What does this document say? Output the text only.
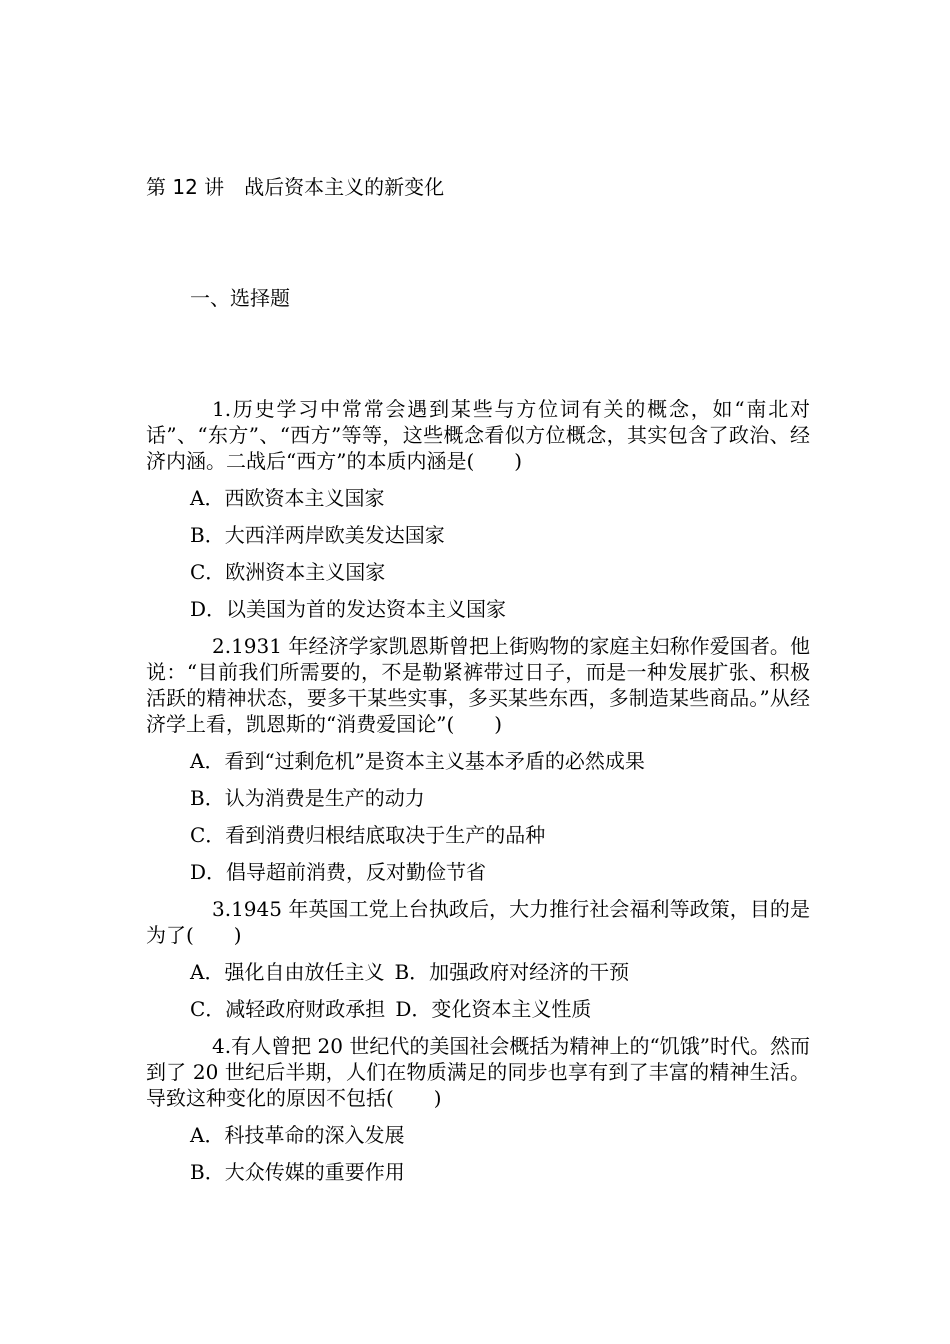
第 12 讲　战后资本主义的新变化
一、选择题

1.历史学习中常常会遇到某些与方位词有关的概念，如“南北对话”、“东方”、“西方”等等，这些概念看似方位概念，其实包含了政治、经济内涵。二战后“西方”的本质内涵是(　　)

A．西欧资本主义国家

B．大西洋两岸欧美发达国家

C．欧洲资本主义国家

D．以美国为首的发达资本主义国家

2.1931 年经济学家凯恩斯曾把上街购物的家庭主妇称作爱国者。他说：“目前我们所需要的，不是勒紧裤带过日子，而是一种发展扩张、积极活跃的精神状态，要多干某些实事，多买某些东西，多制造某些商品。”从经济学上看，凯恩斯的“消费爱国论”(　　)

A．看到“过剩危机”是资本主义基本矛盾的必然成果

B．认为消费是生产的动力

C．看到消费归根结底取决于生产的品种

D．倡导超前消费，反对勤俭节省

3.1945 年英国工党上台执政后，大力推行社会福利等政策，目的是为了(　　)

A．强化自由放任主义 B．加强政府对经济的干预

C．减轻政府财政承担 D．变化资本主义性质

4.有人曾把 20 世纪代的美国社会概括为精神上的“饥饿”时代。然而到了 20 世纪后半期，人们在物质满足的同步也享有到了丰富的精神生活。导致这种变化的原因不包括(　　)

A．科技革命的深入发展

B．大众传媒的重要作用
